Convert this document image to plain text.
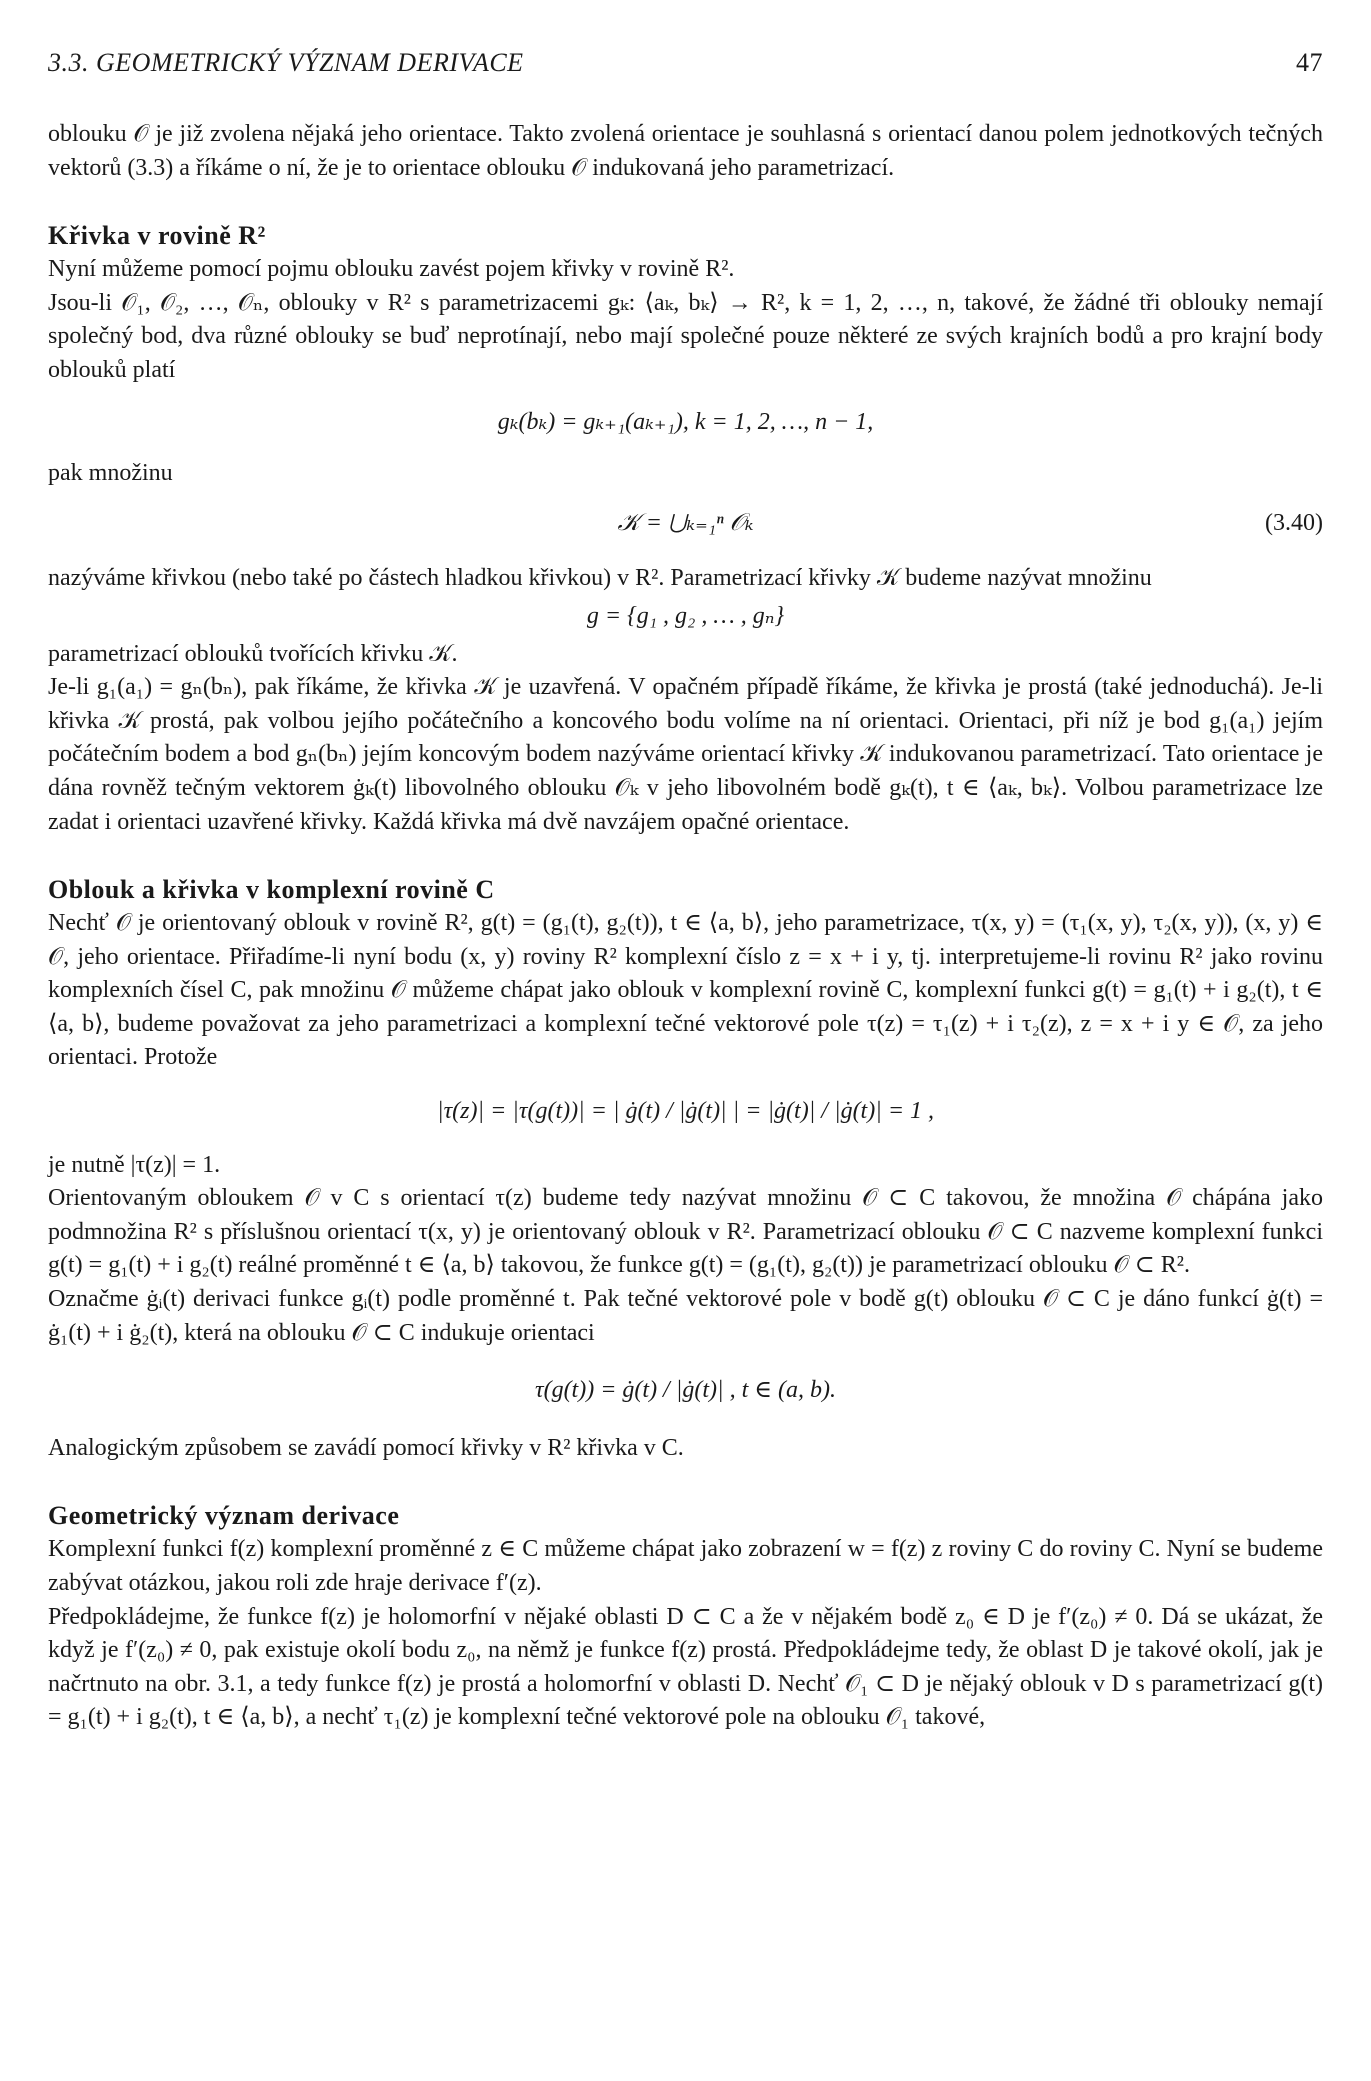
3.3. GEOMETRICKÝ VÝZNAM DERIVACE	47

oblouku 𝒪 je již zvolena nějaká jeho orientace. Takto zvolená orientace je souhlasná s orientací danou polem jednotkových tečných vektorů (3.3) a říkáme o ní, že je to orientace oblouku 𝒪 indukovaná jeho parametrizací.

Křivka v rovině R²

Nyní můžeme pomocí pojmu oblouku zavést pojem křivky v rovině R².

Jsou-li 𝒪₁, 𝒪₂, …, 𝒪ₙ, oblouky v R² s parametrizacemi gₖ: ⟨aₖ, bₖ⟩ → R², k = 1, 2, …, n, takové, že žádné tři oblouky nemají společný bod, dva různé oblouky se buď neprotínají, nebo mají společné pouze některé ze svých krajních bodů a pro krajní body oblouků platí

gₖ(bₖ) = gₖ₊₁(aₖ₊₁), k = 1, 2, …, n − 1,

pak množinu

𝒦 = ⋃ₖ₌₁ⁿ 𝒪ₖ	(3.40)

nazýváme křivkou (nebo také po částech hladkou křivkou) v R². Parametrizací křivky 𝒦 budeme nazývat množinu

g = {g₁ , g₂ , … , gₙ}

parametrizací oblouků tvořících křivku 𝒦.

Je-li g₁(a₁) = gₙ(bₙ), pak říkáme, že křivka 𝒦 je uzavřená. V opačném případě říkáme, že křivka je prostá (také jednoduchá). Je-li křivka 𝒦 prostá, pak volbou jejího počátečního a koncového bodu volíme na ní orientaci. Orientaci, při níž je bod g₁(a₁) jejím počátečním bodem a bod gₙ(bₙ) jejím koncovým bodem nazýváme orientací křivky 𝒦 indukovanou parametrizací. Tato orientace je dána rovněž tečným vektorem ġₖ(t) libovolného oblouku 𝒪ₖ v jeho libovolném bodě gₖ(t), t ∈ ⟨aₖ, bₖ⟩. Volbou parametrizace lze zadat i orientaci uzavřené křivky. Každá křivka má dvě navzájem opačné orientace.

Oblouk a křivka v komplexní rovině C

Nechť 𝒪 je orientovaný oblouk v rovině R², g(t) = (g₁(t), g₂(t)), t ∈ ⟨a, b⟩, jeho parametrizace, τ(x, y) = (τ₁(x, y), τ₂(x, y)), (x, y) ∈ 𝒪, jeho orientace. Přiřadíme-li nyní bodu (x, y) roviny R² komplexní číslo z = x + i y, tj. interpretujeme-li rovinu R² jako rovinu komplexních čísel C, pak množinu 𝒪 můžeme chápat jako oblouk v komplexní rovině C, komplexní funkci g(t) = g₁(t) + i g₂(t), t ∈ ⟨a, b⟩, budeme považovat za jeho parametrizaci a komplexní tečné vektorové pole τ(z) = τ₁(z) + i τ₂(z), z = x + i y ∈ 𝒪, za jeho orientaci. Protože

|τ(z)| = |τ(g(t))| = | ġ(t) / |ġ(t)| | = |ġ(t)| / |ġ(t)| = 1 ,

je nutně |τ(z)| = 1.

Orientovaným obloukem 𝒪 v C s orientací τ(z) budeme tedy nazývat množinu 𝒪 ⊂ C takovou, že množina 𝒪 chápána jako podmnožina R² s příslušnou orientací τ(x, y) je orientovaný oblouk v R². Parametrizací oblouku 𝒪 ⊂ C nazveme komplexní funkci g(t) = g₁(t) + i g₂(t) reálné proměnné t ∈ ⟨a, b⟩ takovou, že funkce g(t) = (g₁(t), g₂(t)) je parametrizací oblouku 𝒪 ⊂ R².

Označme ġᵢ(t) derivaci funkce gᵢ(t) podle proměnné t. Pak tečné vektorové pole v bodě g(t) oblouku 𝒪 ⊂ C je dáno funkcí ġ(t) = ġ₁(t) + i ġ₂(t), která na oblouku 𝒪 ⊂ C indukuje orientaci

τ(g(t)) = ġ(t) / |ġ(t)| , t ∈ (a, b).

Analogickým způsobem se zavádí pomocí křivky v R² křivka v C.

Geometrický význam derivace

Komplexní funkci f(z) komplexní proměnné z ∈ C můžeme chápat jako zobrazení w = f(z) z roviny C do roviny C. Nyní se budeme zabývat otázkou, jakou roli zde hraje derivace f′(z).

Předpokládejme, že funkce f(z) je holomorfní v nějaké oblasti D ⊂ C a že v nějakém bodě z₀ ∈ D je f′(z₀) ≠ 0. Dá se ukázat, že když je f′(z₀) ≠ 0, pak existuje okolí bodu z₀, na němž je funkce f(z) prostá. Předpokládejme tedy, že oblast D je takové okolí, jak je načrtnuto na obr. 3.1, a tedy funkce f(z) je prostá a holomorfní v oblasti D. Nechť 𝒪₁ ⊂ D je nějaký oblouk v D s parametrizací g(t) = g₁(t) + i g₂(t), t ∈ ⟨a, b⟩, a nechť τ₁(z) je komplexní tečné vektorové pole na oblouku 𝒪₁ takové,
